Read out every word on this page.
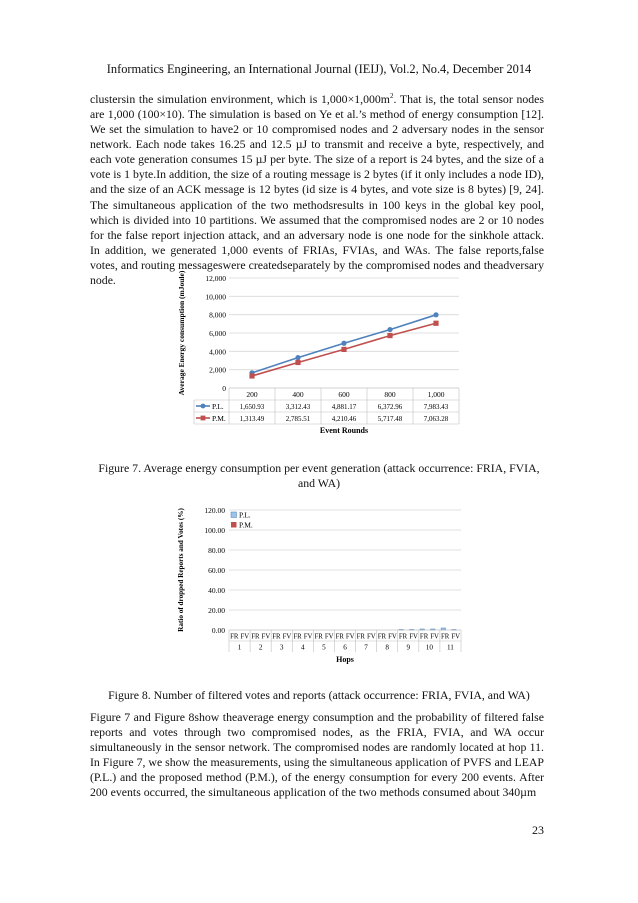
Informatics Engineering, an International Journal (IEIJ), Vol.2, No.4, December 2014

clustersin the simulation environment, which is $1,000\times 1,000m^2$. That is, the total sensor nodes are 1,000 (100×10). The simulation is based on Ye et al.’s method of energy consumption [12]. We set the simulation to have2 or 10 compromised nodes and 2 adversary nodes in the sensor network. Each node takes 16.25 and 12.5 µJ to transmit and receive a byte, respectively, and each vote generation consumes 15 µJ per byte. The size of a report is 24 bytes, and the size of a vote is 1 byte.In addition, the size of a routing message is 2 bytes (if it only includes a node ID), and the size of an ACK message is 12 bytes (id size is 4 bytes, and vote size is 8 bytes) [9, 24]. The simultaneous application of the two methodsresults in 100 keys in the global key pool, which is divided into 10 partitions. We assumed that the compromised nodes are 2 or 10 nodes for the false report injection attack, and an adversary node is one node for the sinkhole attack. In addition, we generated 1,000 events of FRIAs, FVIAs, and WAs. The false reports,false votes, and routing messageswere createdseparately by the compromised nodes and theadversary node.

0
2,000
4,000
6,000
8,000
10,000
12,000
200	400	600	800	1,000
P.L. 1,650.93	3,312.43	4,881.17	6,372.96	7,983.43
P.M. 1,313.49	2,785.51	4,210.46	5,717.48	7,063.28
Event Rounds
Average Energy consumption (mJoule)
Figure 7. Average energy consumption per event generation (attack occurrence: FRIA, FVIA, and WA)
0.00
20.00
40.00
60.00
80.00
100.00
120.00
FR FV FR FV FR FV FR FV FR FV FR FV FR FV FR FV FR FV FR FV FR FV
1 2 3 4 5 6 7 8 9 10 11
P.L.
P.M.
Hops
Ratio of dropped Reports and Votes (%)
Figure 8. Number of filtered votes and reports (attack occurrence: FRIA, FVIA, and WA)

Figure 7 and Figure 8show theaverage energy consumption and the probability of filtered false reports and votes through two compromised nodes, as the FRIA, FVIA, and WA occur simultaneously in the sensor network. The compromised nodes are randomly located at hop 11. In Figure 7, we show the measurements, using the simultaneous application of PVFS and LEAP (P.L.) and the proposed method (P.M.), of the energy consumption for every 200 events. After 200 events occurred, the simultaneous application of the two methods consumed about 340µm

23
